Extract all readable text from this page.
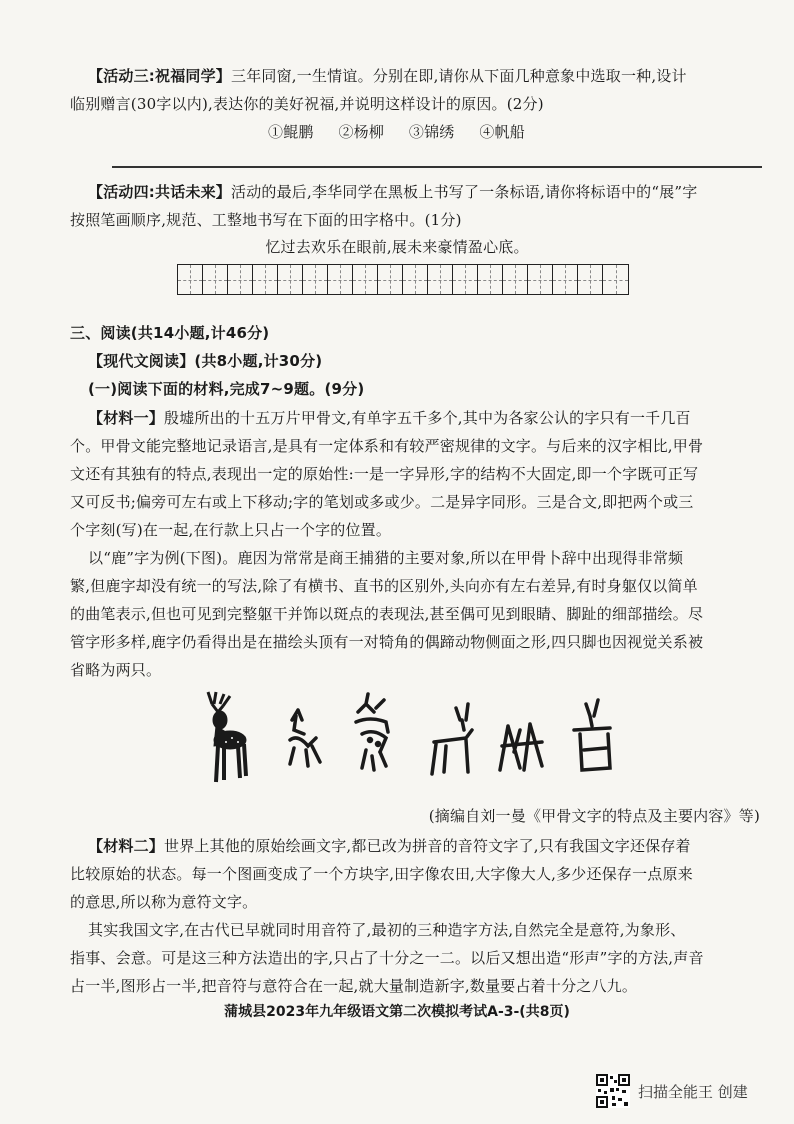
【活动三:祝福同学】三年同窗,一生情谊。分别在即,请你从下面几种意象中选取一种,设计
临别赠言(30字以内),表达你的美好祝福,并说明这样设计的原因。(2分)
①鲲鹏 ②杨柳 ③锦绣 ④帆船
【活动四:共话未来】活动的最后,李华同学在黑板上书写了一条标语,请你将标语中的“展”字
按照笔画顺序,规范、工整地书写在下面的田字格中。(1分)
忆过去欢乐在眼前,展未来豪情盈心底。
三、阅读(共14小题,计46分)
【现代文阅读】(共8小题,计30分)
(一)阅读下面的材料,完成7~9题。(9分)
【材料一】殷墟所出的十五万片甲骨文,有单字五千多个,其中为各家公认的字只有一千几百
个。甲骨文能完整地记录语言,是具有一定体系和有较严密规律的文字。与后来的汉字相比,甲骨
文还有其独有的特点,表现出一定的原始性:一是一字异形,字的结构不大固定,即一个字既可正写
又可反书;偏旁可左右或上下移动;字的笔划或多或少。二是异字同形。三是合文,即把两个或三
个字刻(写)在一起,在行款上只占一个字的位置。
以“鹿”字为例(下图)。鹿因为常常是商王捕猎的主要对象,所以在甲骨卜辞中出现得非常频
繁,但鹿字却没有统一的写法,除了有横书、直书的区别外,头向亦有左右差异,有时身躯仅以简单
的曲笔表示,但也可见到完整躯干并饰以斑点的表现法,甚至偶可见到眼睛、脚趾的细部描绘。尽
管字形多样,鹿字仍看得出是在描绘头顶有一对犄角的偶蹄动物侧面之形,四只脚也因视觉关系被
省略为两只。
(摘编自刘一曼《甲骨文字的特点及主要内容》等)
【材料二】世界上其他的原始绘画文字,都已改为拼音的音符文字了,只有我国文字还保存着
比较原始的状态。每一个图画变成了一个方块字,田字像农田,大字像大人,多少还保存一点原来
的意思,所以称为意符文字。
其实我国文字,在古代已早就同时用音符了,最初的三种造字方法,自然完全是意符,为象形、
指事、会意。可是这三种方法造出的字,只占了十分之一二。以后又想出造“形声”字的方法,声音
占一半,图形占一半,把音符与意符合在一起,就大量制造新字,数量要占着十分之八九。
蒲城县2023年九年级语文第二次模拟考试A-3-(共8页)
扫描全能王 创建
